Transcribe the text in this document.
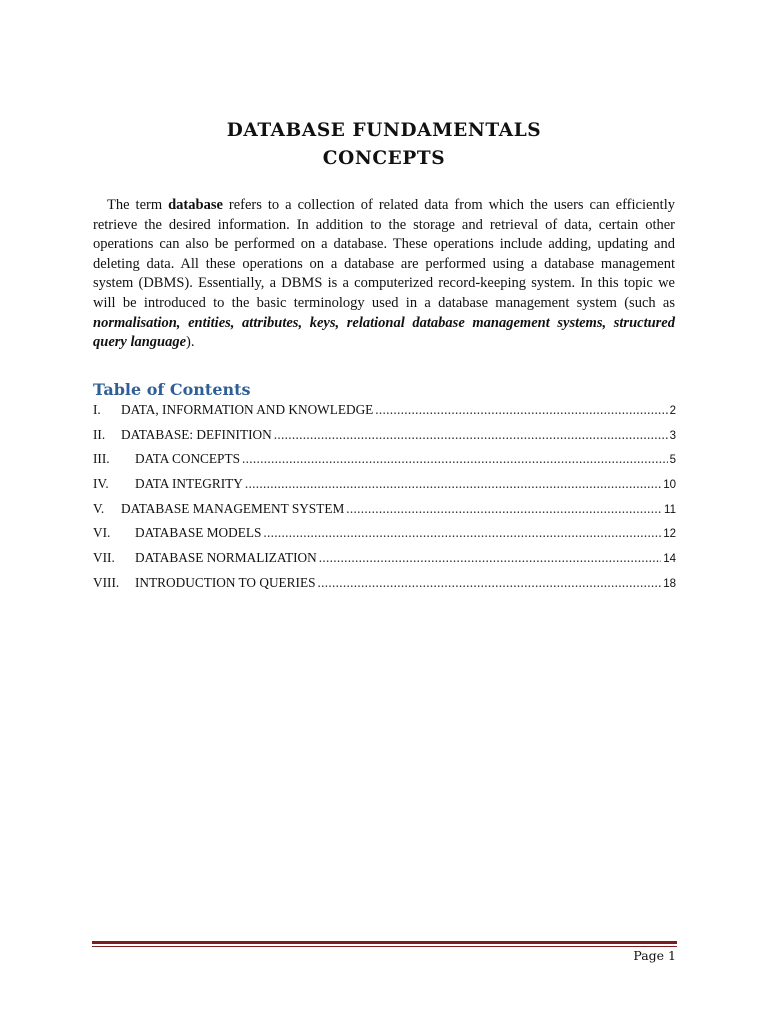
DATABASE FUNDAMENTALS
CONCEPTS
The term database refers to a collection of related data from which the users can efficiently retrieve the desired information. In addition to the storage and retrieval of data, certain other operations can also be performed on a database. These operations include adding, updating and deleting data. All these operations on a database are performed using a database management system (DBMS). Essentially, a DBMS is a computerized record-keeping system. In this topic we will be introduced to the basic terminology used in a database management system (such as normalisation, entities, attributes, keys, relational database management systems, structured query language).
Table of Contents
I.	DATA, INFORMATION AND KNOWLEDGE .....	2
II.	DATABASE: DEFINITION .....	3
III.	DATA CONCEPTS .....	5
IV.	DATA INTEGRITY .....	10
V.	DATABASE MANAGEMENT SYSTEM .....	11
VI.	DATABASE MODELS .....	12
VII.	DATABASE NORMALIZATION .....	14
VIII.	INTRODUCTION TO QUERIES .....	18
Page 1
